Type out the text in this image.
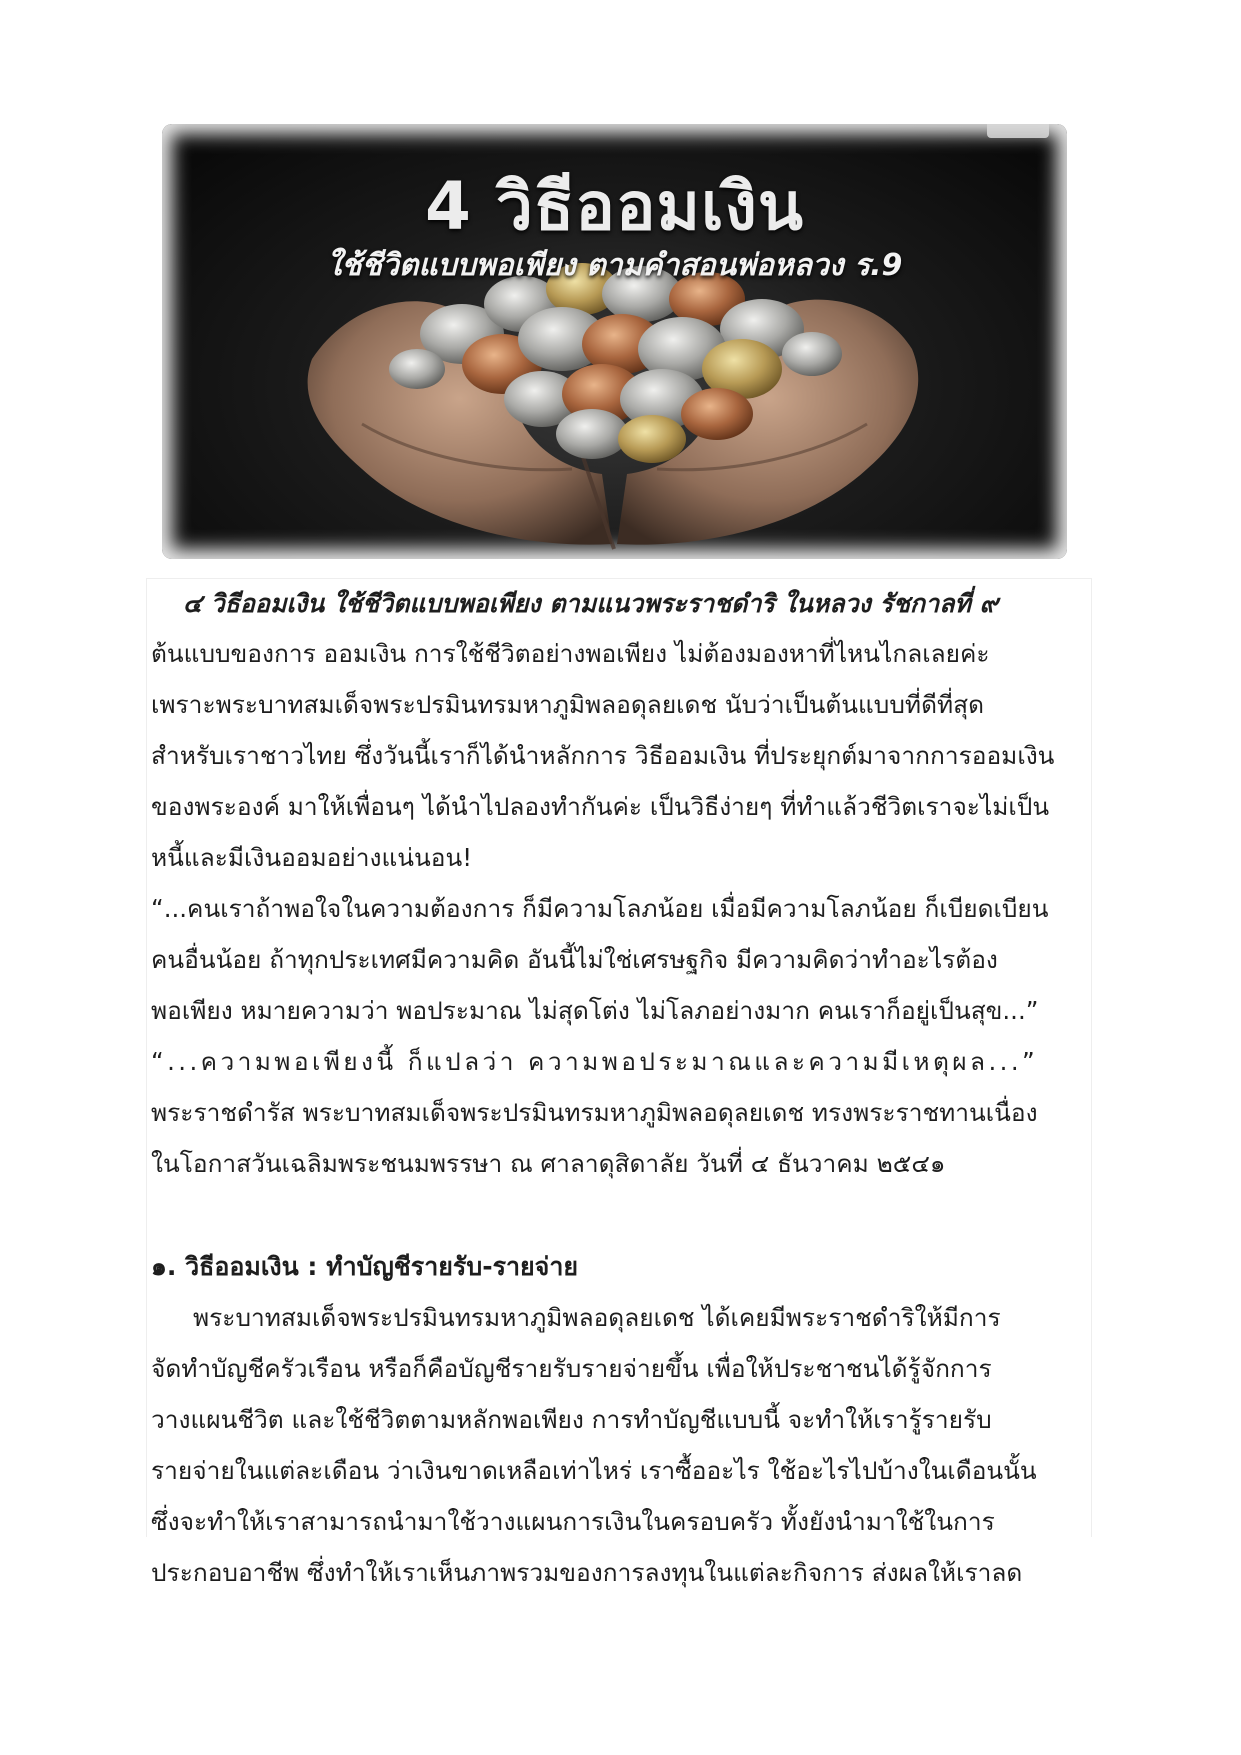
4 วิธีออมเงิน
ใช้ชีวิตแบบพอเพียง ตามคำสอนพ่อหลวง ร.9
๔ วิธีออมเงิน ใช้ชีวิตแบบพอเพียง ตามแนวพระราชดำริ ในหลวง รัชกาลที่ ๙
ต้นแบบของการ ออมเงิน การใช้ชีวิตอย่างพอเพียง ไม่ต้องมองหาที่ไหนไกลเลยค่ะ
เพราะพระบาทสมเด็จพระปรมินทรมหาภูมิพลอดุลยเดช นับว่าเป็นต้นแบบที่ดีที่สุด
สำหรับเราชาวไทย ซึ่งวันนี้เราก็ได้นำหลักการ วิธีออมเงิน ที่ประยุกต์มาจากการออมเงิน
ของพระองค์ มาให้เพื่อนๆ ได้นำไปลองทำกันค่ะ เป็นวิธีง่ายๆ ที่ทำแล้วชีวิตเราจะไม่เป็น
หนี้และมีเงินออมอย่างแน่นอน!
“...คนเราถ้าพอใจในความต้องการ ก็มีความโลภน้อย เมื่อมีความโลภน้อย ก็เบียดเบียน
คนอื่นน้อย ถ้าทุกประเทศมีความคิด อันนี้ไม่ใช่เศรษฐกิจ มีความคิดว่าทำอะไรต้อง
พอเพียง หมายความว่า พอประมาณ ไม่สุดโต่ง ไม่โลภอย่างมาก คนเราก็อยู่เป็นสุข...”
“...ความพอเพียงนี้ ก็แปลว่า ความพอประมาณและความมีเหตุผล...”
พระราชดำรัส พระบาทสมเด็จพระปรมินทรมหาภูมิพลอดุลยเดช ทรงพระราชทานเนื่อง
ในโอกาสวันเฉลิมพระชนมพรรษา ณ ศาลาดุสิดาลัย วันที่ ๔ ธันวาคม ๒๕๔๑
๑. วิธีออมเงิน : ทำบัญชีรายรับ-รายจ่าย
พระบาทสมเด็จพระปรมินทรมหาภูมิพลอดุลยเดช ได้เคยมีพระราชดำริให้มีการ
จัดทำบัญชีครัวเรือน หรือก็คือบัญชีรายรับรายจ่ายขึ้น เพื่อให้ประชาชนได้รู้จักการ
วางแผนชีวิต และใช้ชีวิตตามหลักพอเพียง การทำบัญชีแบบนี้ จะทำให้เรารู้รายรับ
รายจ่ายในแต่ละเดือน ว่าเงินขาดเหลือเท่าไหร่ เราซื้ออะไร ใช้อะไรไปบ้างในเดือนนั้น
ซึ่งจะทำให้เราสามารถนำมาใช้วางแผนการเงินในครอบครัว ทั้งยังนำมาใช้ในการ
ประกอบอาชีพ ซึ่งทำให้เราเห็นภาพรวมของการลงทุนในแต่ละกิจการ ส่งผลให้เราลด
